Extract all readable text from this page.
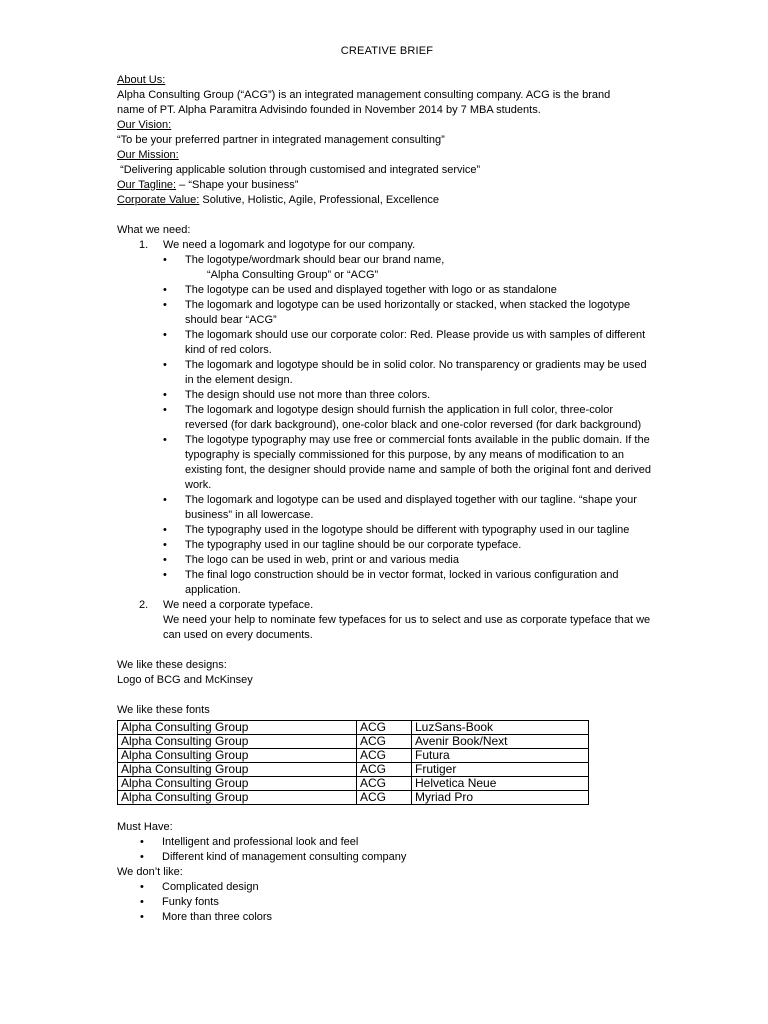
CREATIVE BRIEF
About Us:
Alpha Consulting Group (“ACG”) is an integrated management consulting company. ACG is the brand
name of PT. Alpha Paramitra Advisindo founded in November 2014 by 7 MBA students.
Our Vision:
“To be your preferred partner in integrated management consulting”
Our Mission:
“Delivering applicable solution through customised and integrated service”
Our Tagline: – “Shape your business”
Corporate Value: Solutive, Holistic, Agile, Professional, Excellence
What we need:
1. We need a logomark and logotype for our company.
• The logotype/wordmark should bear our brand name,
“Alpha Consulting Group” or “ACG”
• The logotype can be used and displayed together with logo or as standalone
• The logomark and logotype can be used horizontally or stacked, when stacked the logotype should bear “ACG”
• The logomark should use our corporate color: Red. Please provide us with samples of different kind of red colors.
• The logomark and logotype should be in solid color. No transparency or gradients may be used in the element design.
• The design should use not more than three colors.
• The logomark and logotype design should furnish the application in full color, three-color reversed (for dark background), one-color black and one-color reversed (for dark background)
• The logotype typography may use free or commercial fonts available in the public domain. If the typography is specially commissioned for this purpose, by any means of modification to an existing font, the designer should provide name and sample of both the original font and derived work.
• The logomark and logotype can be used and displayed together with our tagline. “shape your business” in all lowercase.
• The typography used in the logotype should be different with typography used in our tagline
• The typography used in our tagline should be our corporate typeface.
• The logo can be used in web, print or and various media
• The final logo construction should be in vector format, locked in various configuration and application.
2. We need a corporate typeface.
We need your help to nominate few typefaces for us to select and use as corporate typeface that we can used on every documents.
We like these designs:
Logo of BCG and McKinsey
We like these fonts
Alpha Consulting Group	ACG	LuzSans-Book
Alpha Consulting Group	ACG	Avenir Book/Next
Alpha Consulting Group	ACG	Futura
Alpha Consulting Group	ACG	Frutiger
Alpha Consulting Group	ACG	Helvetica Neue
Alpha Consulting Group	ACG	Myriad Pro
Must Have:
• Intelligent and professional look and feel
• Different kind of management consulting company
We don’t like:
• Complicated design
• Funky fonts
• More than three colors
